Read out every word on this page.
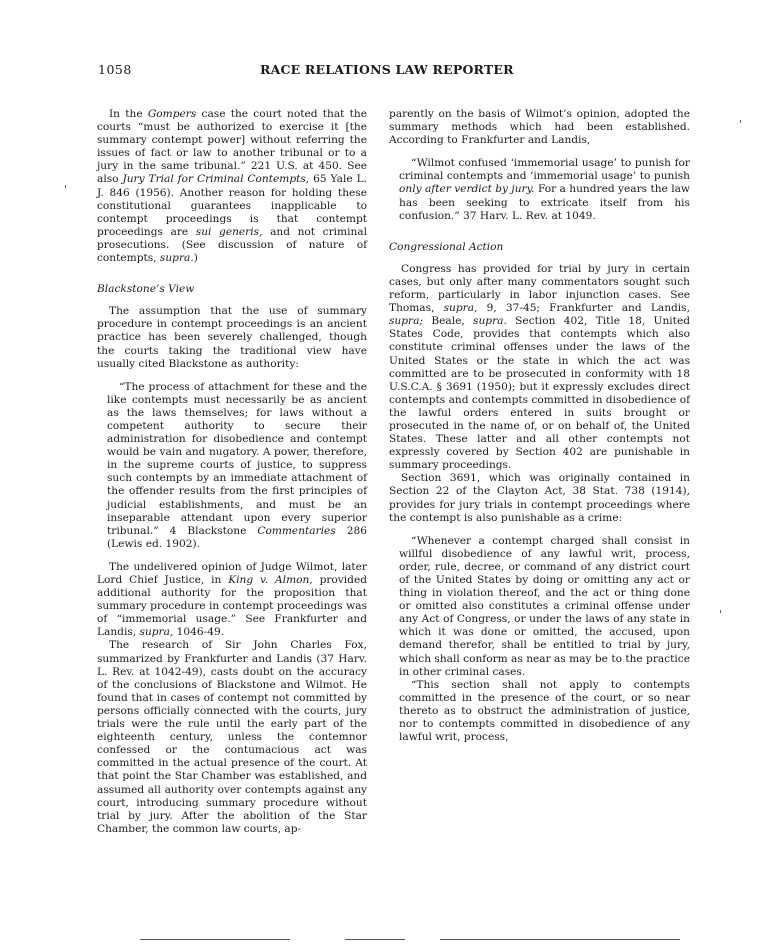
1058	RACE RELATIONS LAW REPORTER

In the Gompers case the court noted that the courts “must be authorized to exercise it [the summary contempt power] without referring the issues of fact or law to another tribunal or to a jury in the same tribunal.” 221 U.S. at 450. See also Jury Trial for Criminal Contempts, 65 Yale L. J. 846 (1956). Another reason for holding these constitutional guarantees inapplicable to contempt proceedings is that contempt proceedings are sui generis, and not criminal prosecutions. (See discussion of nature of contempts, supra.)

Blackstone’s View

The assumption that the use of summary procedure in contempt proceedings is an ancient practice has been severely challenged, though the courts taking the traditional view have usually cited Blackstone as authority:

“The process of attachment for these and the like contempts must necessarily be as ancient as the laws themselves; for laws without a competent authority to secure their administration for disobedience and contempt would be vain and nugatory. A power, therefore, in the supreme courts of justice, to suppress such contempts by an immediate attachment of the offender results from the first principles of judicial establishments, and must be an inseparable attendant upon every superior tribunal.” 4 Blackstone Commentaries 286 (Lewis ed. 1902).

The undelivered opinion of Judge Wilmot, later Lord Chief Justice, in King v. Almon, provided additional authority for the proposition that summary procedure in contempt proceedings was of “immemorial usage.” See Frankfurter and Landis, supra, 1046-49.

The research of Sir John Charles Fox, summarized by Frankfurter and Landis (37 Harv. L. Rev. at 1042-49), casts doubt on the accuracy of the conclusions of Blackstone and Wilmot. He found that in cases of contempt not committed by persons officially connected with the courts, jury trials were the rule until the early part of the eighteenth century, unless the contemnor confessed or the contumacious act was committed in the actual presence of the court. At that point the Star Chamber was established, and assumed all authority over contempts against any court, introducing summary procedure without trial by jury. After the abolition of the Star Chamber, the common law courts, ap-

parently on the basis of Wilmot’s opinion, adopted the summary methods which had been established. According to Frankfurter and Landis,

“Wilmot confused ‘immemorial usage’ to punish for criminal contempts and ‘immemorial usage’ to punish only after verdict by jury. For a hundred years the law has been seeking to extricate itself from his confusion.” 37 Harv. L. Rev. at 1049.

Congressional Action

Congress has provided for trial by jury in certain cases, but only after many commentators sought such reform, particularly in labor injunction cases. See Thomas, supra, 9, 37-45; Frankfurter and Landis, supra; Beale, supra. Section 402, Title 18, United States Code, provides that contempts which also constitute criminal offenses under the laws of the United States or the state in which the act was committed are to be prosecuted in conformity with 18 U.S.C.A. § 3691 (1950); but it expressly excludes direct contempts and contempts committed in disobedience of the lawful orders entered in suits brought or prosecuted in the name of, or on behalf of, the United States. These latter and all other contempts not expressly covered by Section 402 are punishable in summary proceedings.

Section 3691, which was originally contained in Section 22 of the Clayton Act, 38 Stat. 738 (1914), provides for jury trials in contempt proceedings where the contempt is also punishable as a crime:

“Whenever a contempt charged shall consist in willful disobedience of any lawful writ, process, order, rule, decree, or command of any district court of the United States by doing or omitting any act or thing in violation thereof, and the act or thing done or omitted also constitutes a criminal offense under any Act of Congress, or under the laws of any state in which it was done or omitted, the accused, upon demand therefor, shall be entitled to trial by jury, which shall conform as near as may be to the practice in other criminal cases.

“This section shall not apply to contempts committed in the presence of the court, or so near thereto as to obstruct the administration of justice, nor to contempts committed in disobedience of any lawful writ, process,
